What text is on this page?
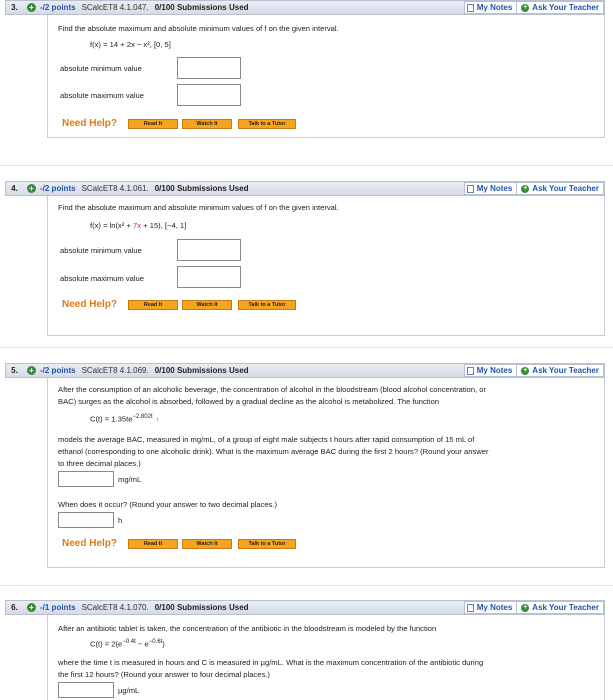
3.	+ -/2 points SCalcET8 4.1.047. 0/100 Submissions Used	My Notes + Ask Your Teacher
Find the absolute maximum and absolute minimum values of f on the given interval.
f(x) = 14 + 2x − x², [0, 5]
absolute minimum value
absolute maximum value
Need Help?	Read It	Watch It	Talk to a Tutor
4.	+ -/2 points SCalcET8 4.1.061. 0/100 Submissions Used	My Notes + Ask Your Teacher
Find the absolute maximum and absolute minimum values of f on the given interval.
f(x) = ln(x² + 7x + 15), [−4, 1]
absolute minimum value
absolute maximum value
Need Help?	Read It	Watch It	Talk to a Tutor
5.	+ -/2 points SCalcET8 4.1.069. 0/100 Submissions Used	My Notes + Ask Your Teacher
After the consumption of an alcoholic beverage, the concentration of alcohol in the bloodstream (blood alcohol concentration, or
BAC) surges as the alcohol is absorbed, followed by a gradual decline as the alcohol is metabolized. The function
$C(t) = 1.35te^{-2.802t}$ ↑
models the average BAC, measured in mg/mL, of a group of eight male subjects t hours after rapid consumption of 15 mL of
ethanol (corresponding to one alcoholic drink). What is the maximum average BAC during the first 2 hours? (Round your answer
to three decimal places.)
mg/mL
When does it occur? (Round your answer to two decimal places.)
h
Need Help?	Read It	Watch It	Talk to a Tutor
6.	+ -/1 points SCalcET8 4.1.070. 0/100 Submissions Used	My Notes + Ask Your Teacher
After an antibiotic tablet is taken, the concentration of the antibiotic in the bloodstream is modeled by the function
$C(t) = 2(e^{-0.4t} - e^{-0.6t})$
where the time t is measured in hours and C is measured in µg/mL. What is the maximum concentration of the antibiotic during
the first 12 hours? (Round your answer to four decimal places.)
µg/mL
